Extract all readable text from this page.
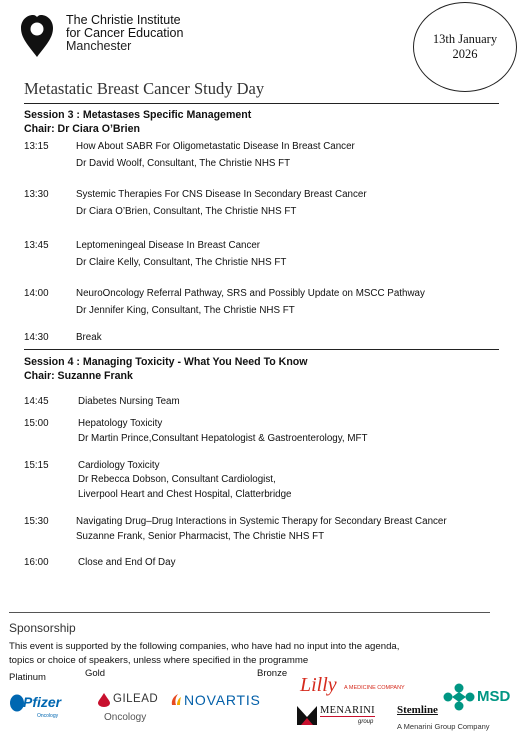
The Christie Institute
for Cancer Education
Manchester	13th January
2026
Metastatic Breast Cancer Study Day
Session 3 : Metastases Specific Management
Chair: Dr Ciara O’Brien
13:15	How About SABR For Oligometastatic Disease In Breast Cancer
Dr David Woolf, Consultant, The Christie NHS FT
13:30	Systemic Therapies For CNS Disease In Secondary Breast Cancer
Dr Ciara O’Brien, Consultant, The Christie NHS FT
13:45	Leptomeningeal Disease In Breast Cancer
Dr Claire Kelly, Consultant, The Christie NHS FT
14:00	NeuroOncology Referral Pathway, SRS and Possibly Update on MSCC Pathway
Dr Jennifer King, Consultant, The Christie NHS FT
14:30	Break
Session 4 : Managing Toxicity - What You Need To Know
Chair: Suzanne Frank
14:45	Diabetes Nursing Team
15:00	Hepatology Toxicity
Dr Martin Prince,Consultant Hepatologist & Gastroenterology, MFT
15:15	Cardiology Toxicity
Dr Rebecca Dobson, Consultant Cardiologist,
Liverpool Heart and Chest Hospital, Clatterbridge
15:30	Navigating Drug–Drug Interactions in Systemic Therapy for Secondary Breast Cancer
Suzanne Frank, Senior Pharmacist, The Christie NHS FT
16:00	Close and End Of Day
Sponsorship
This event is supported by the following companies, who have had no input into the agenda,
topics or choice of speakers, unless where specified in the programme
Platinum	Gold	Bronze
Pfizer
Oncology
GILEAD
Oncology
NOVARTIS
Lilly A MEDICINE COMPANY
MENARINI
group
Stemline
A Menarini Group Company
MSD
